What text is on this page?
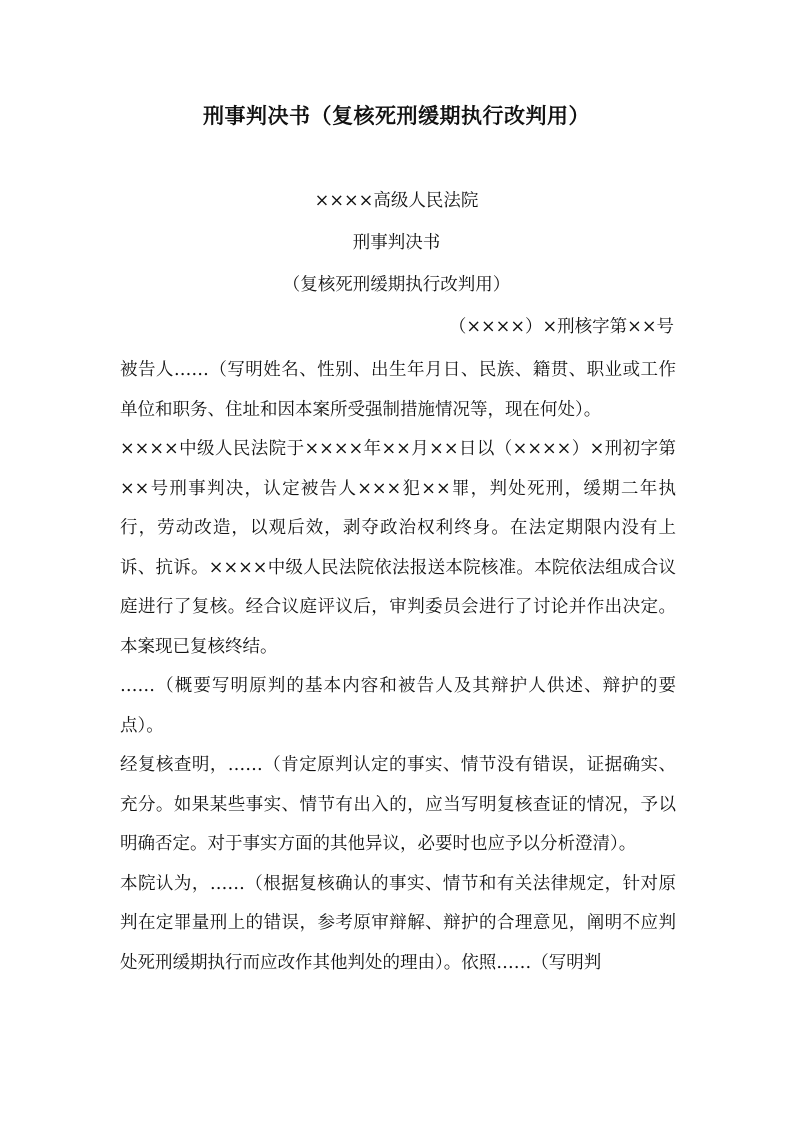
刑事判决书（复核死刑缓期执行改判用）

××××高级人民法院

刑事判决书

（复核死刑缓期执行改判用）

（××××）×刑核字第××号

被告人……（写明姓名、性别、出生年月日、民族、籍贯、职业或工作单位和职务、住址和因本案所受强制措施情况等，现在何处）。

××××中级人民法院于××××年××月××日以（××××）×刑初字第××号刑事判决，认定被告人×××犯××罪，判处死刑，缓期二年执行，劳动改造，以观后效，剥夺政治权利终身。在法定期限内没有上诉、抗诉。××××中级人民法院依法报送本院核准。本院依法组成合议庭进行了复核。经合议庭评议后，审判委员会进行了讨论并作出决定。本案现已复核终结。

……（概要写明原判的基本内容和被告人及其辩护人供述、辩护的要点）。

经复核查明，……（肯定原判认定的事实、情节没有错误，证据确实、充分。如果某些事实、情节有出入的，应当写明复核查证的情况，予以明确否定。对于事实方面的其他异议，必要时也应予以分析澄清）。

本院认为，……（根据复核确认的事实、情节和有关法律规定，针对原判在定罪量刑上的错误，参考原审辩解、辩护的合理意见，阐明不应判处死刑缓期执行而应改作其他判处的理由）。依照……（写明判
